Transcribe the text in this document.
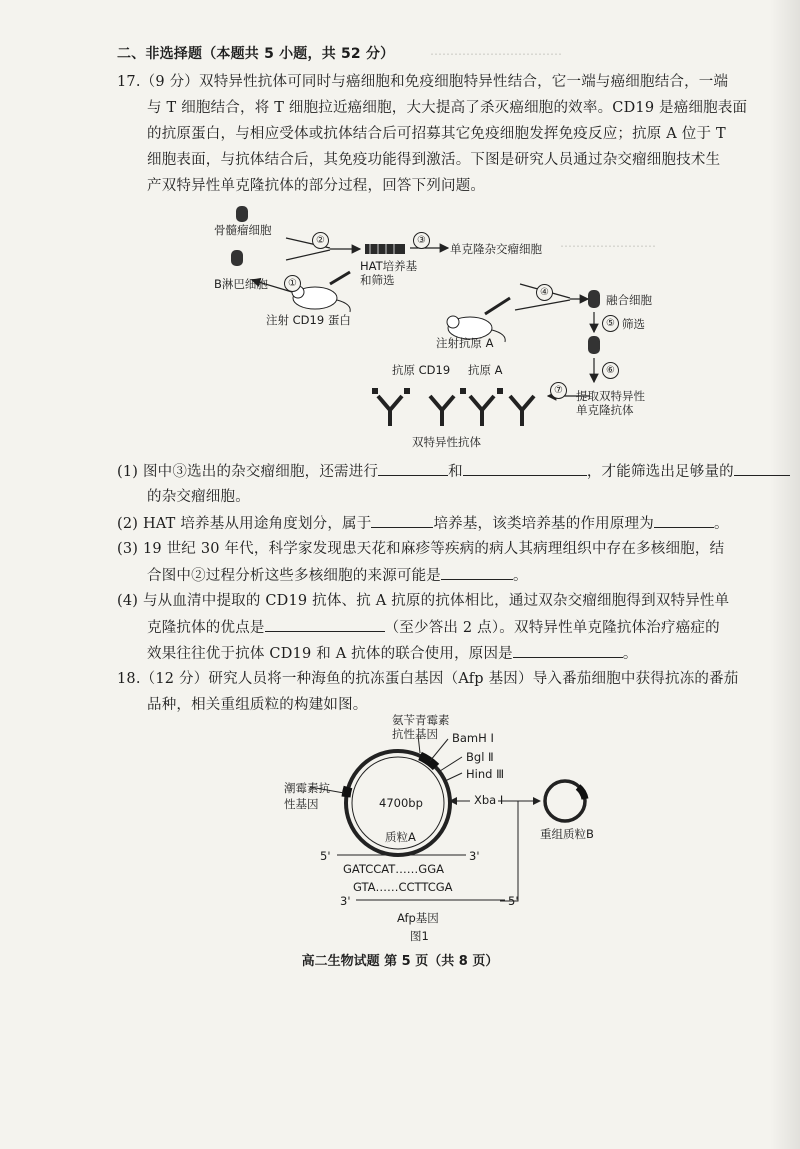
……………………………
……………………
二、非选择题（本题共 5 小题，共 52 分）
17.（9 分）双特异性抗体可同时与癌细胞和免疫细胞特异性结合，它一端与癌细胞结合，一端
与 T 细胞结合，将 T 细胞拉近癌细胞，大大提高了杀灭癌细胞的效率。CD19 是癌细胞表面
的抗原蛋白，与相应受体或抗体结合后可招募其它免疫细胞发挥免疫反应；抗原 A 位于 T
细胞表面，与抗体结合后，其免疫功能得到激活。下图是研究人员通过杂交瘤细胞技术生
产双特异性单克隆抗体的部分过程，回答下列问题。
骨髓瘤细胞
B淋巴细胞
注射 CD19 蛋白
HAT培养基
和筛选
单克隆杂交瘤细胞
注射抗原 A
融合细胞
筛选
提取双特异性
单克隆抗体
抗原 CD19 抗原 A
双特异性抗体
①
②	③
④
⑤
⑥
⑦
(1) 图中③选出的杂交瘤细胞，还需进行	和	，才能筛选出足够量的
的杂交瘤细胞。
(2) HAT 培养基从用途角度划分，属于	培养基，该类培养基的作用原理为	。
(3) 19 世纪 30 年代，科学家发现患天花和麻疹等疾病的病人其病理组织中存在多核细胞，结
合图中②过程分析这些多核细胞的来源可能是	。
(4) 与从血清中提取的 CD19 抗体、抗 A 抗原的抗体相比，通过双杂交瘤细胞得到双特异性单
克隆抗体的优点是	（至少答出 2 点）。双特异性单克隆抗体治疗癌症的
效果往往优于抗体 CD19 和 A 抗体的联合使用，原因是	。
18.（12 分）研究人员将一种海鱼的抗冻蛋白基因（Afp 基因）导入番茄细胞中获得抗冻的番茄
品种，相关重组质粒的构建如图。
氨苄青霉素
抗性基因 BamH Ⅰ
Bgl Ⅱ
Hind Ⅲ
Xba Ⅰ
潮霉素抗
性基因	4700bp
质粒A	重组质粒B
5'	3'
GATCCAT……GGA
GTA……CCTTCGA
3'	5'
Afp基因
图1
高二生物试题 第 5 页（共 8 页）
